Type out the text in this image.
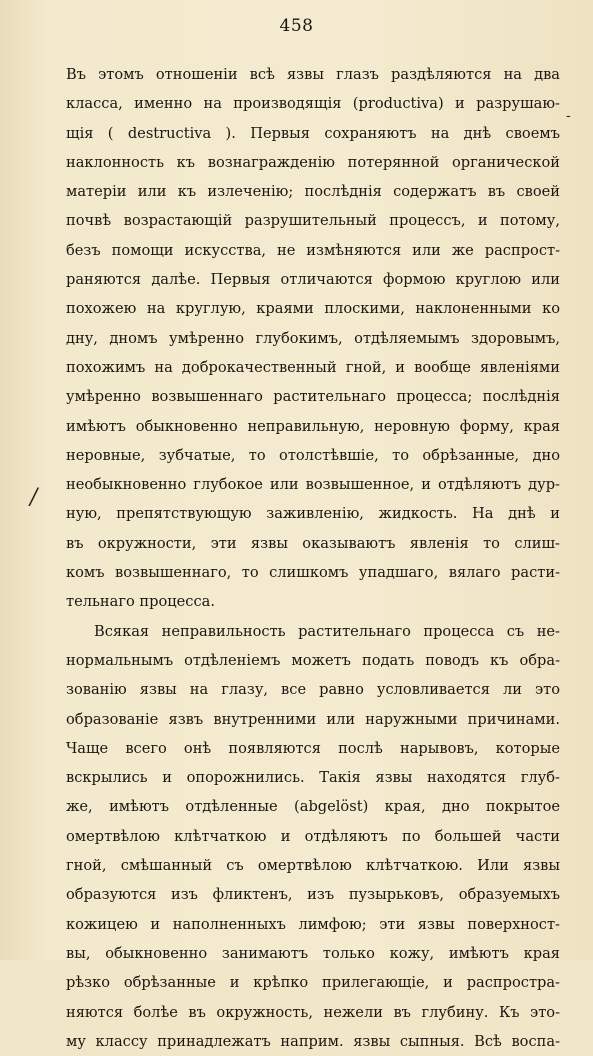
458
-
/
Въ этомъ отношеніи всѣ язвы глазъ раздѣляются на два
класса, именно на производящія (productiva) и разрушаю-
щія ( destructiva ). Первыя сохраняютъ на днѣ своемъ
наклонность къ вознагражденію потерянной органической
матеріи или къ излеченію; послѣднія содержатъ въ своей
почвѣ возрастающій разрушительный процессъ, и потому,
безъ помощи искусства, не измѣняются или же распрост-
раняются далѣе. Первыя отличаются формою круглою или
похожею на круглую, краями плоскими, наклоненными ко
дну, дномъ умѣренно глубокимъ, отдѣляемымъ здоровымъ,
похожимъ на доброкачественный гной, и вообще явленіями
умѣренно возвышеннаго растительнаго процесса; послѣднія
имѣютъ обыкновенно неправильную, неровную форму, края
неровные, зубчатые, то отолстѣвшіе, то обрѣзанные, дно
необыкновенно глубокое или возвышенное, и отдѣляютъ дур-
ную, препятствующую заживленію, жидкость. На днѣ и
въ окружности, эти язвы оказываютъ явленія то слиш-
комъ возвышеннаго, то слишкомъ упадшаго, вялаго расти-
тельнаго процесса.
Всякая неправильность растительнаго процесса съ не-
нормальнымъ отдѣленіемъ можетъ подать поводъ къ обра-
зованію язвы на глазу, все равно условливается ли это
образованіе язвъ внутренними или наружными причинами.
Чаще всего онѣ появляются послѣ нарывовъ, которые
вскрылись и опорожнились. Такія язвы находятся глуб-
же, имѣютъ отдѣленные (abgelöst) края, дно покрытое
омертвѣлою клѣтчаткою и отдѣляютъ по большей части
гной, смѣшанный съ омертвѣлою клѣтчаткою. Или язвы
образуются изъ фликтенъ, изъ пузырьковъ, образуемыхъ
кожицею и наполненныхъ лимфою; эти язвы поверхност-
вы, обыкновенно занимаютъ только кожу, имѣютъ края
рѣзко обрѣзанные и крѣпко прилегающіе, и распростра-
няются болѣе въ окружность, нежели въ глубину. Къ это-
му классу принадлежатъ наприм. язвы сыпныя. Всѣ воспа-
